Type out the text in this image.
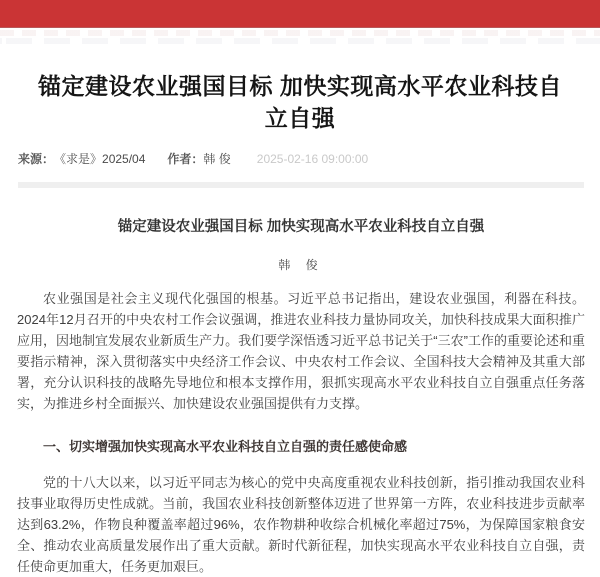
锚定建设农业强国目标 加快实现高水平农业科技自立自强
来源： 《求是》2025/04 作者： 韩 俊 2025-02-16 09:00:00
锚定建设农业强国目标 加快实现高水平农业科技自立自强
韩 俊

农业强国是社会主义现代化强国的根基。习近平总书记指出，建设农业强国，利器在科技。2024年12月召开的中央农村工作会议强调，推进农业科技力量协同攻关，加快科技成果大面积推广应用，因地制宜发展农业新质生产力。我们要学深悟透习近平总书记关于“三农”工作的重要论述和重要指示精神，深入贯彻落实中央经济工作会议、中央农村工作会议、全国科技大会精神及其重大部署，充分认识科技的战略先导地位和根本支撑作用，狠抓实现高水平农业科技自立自强重点任务落实，为推进乡村全面振兴、加快建设农业强国提供有力支撑。

一、切实增强加快实现高水平农业科技自立自强的责任感使命感

党的十八大以来，以习近平同志为核心的党中央高度重视农业科技创新，指引推动我国农业科技事业取得历史性成就。当前，我国农业科技创新整体迈进了世界第一方阵，农业科技进步贡献率达到63.2%，作物良种覆盖率超过96%，农作物耕种收综合机械化率超过75%，为保障国家粮食安全、推动农业高质量发展作出了重大贡献。新时代新征程，加快实现高水平农业科技自立自强，责任使命更加重大，任务更加艰巨。
